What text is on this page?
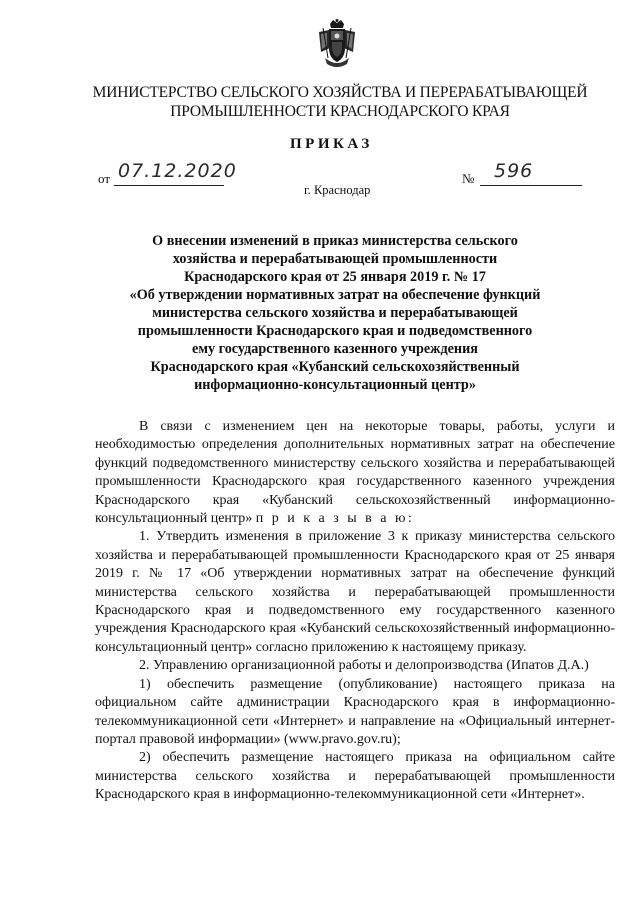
МИНИСТЕРСТВО СЕЛЬСКОГО ХОЗЯЙСТВА И ПЕРЕРАБАТЫВАЮЩЕЙ
ПРОМЫШЛЕННОСТИ КРАСНОДАРСКОГО КРАЯ
ПРИКАЗ
от 07.12.2020	№ 596
г. Краснодар
О внесении изменений в приказ министерства сельского
хозяйства и перерабатывающей промышленности
Краснодарского края от 25 января 2019 г. № 17
«Об утверждении нормативных затрат на обеспечение функций
министерства сельского хозяйства и перерабатывающей
промышленности Краснодарского края и подведомственного
ему государственного казенного учреждения
Краснодарского края «Кубанский сельскохозяйственный
информационно-консультационный центр»

В связи с изменением цен на некоторые товары, работы, услуги и необходимостью определения дополнительных нормативных затрат на обеспечение функций подведомственного министерству сельского хозяйства и перерабатывающей промышленности Краснодарского края государственного казенного учреждения Краснодарского края «Кубанский сельскохозяйственный информационно-консультационный центр» п р и к а з ы в а ю:

1. Утвердить изменения в приложение 3 к приказу министерства сельского хозяйства и перерабатывающей промышленности Краснодарского края от 25 января 2019 г. № 17 «Об утверждении нормативных затрат на обеспечение функций министерства сельского хозяйства и перерабатывающей промышленности Краснодарского края и подведомственного ему государственного казенного учреждения Краснодарского края «Кубанский сельскохозяйственный информационно-консультационный центр» согласно приложению к настоящему приказу.

2. Управлению организационной работы и делопроизводства (Ипатов Д.А.)

1) обеспечить размещение (опубликование) настоящего приказа на официальном сайте администрации Краснодарского края в информационно-телекоммуникационной сети «Интернет» и направление на «Официальный интернет-портал правовой информации» (www.pravo.gov.ru);

2) обеспечить размещение настоящего приказа на официальном сайте министерства сельского хозяйства и перерабатывающей промышленности Краснодарского края в информационно-телекоммуникационной сети «Интернет».
